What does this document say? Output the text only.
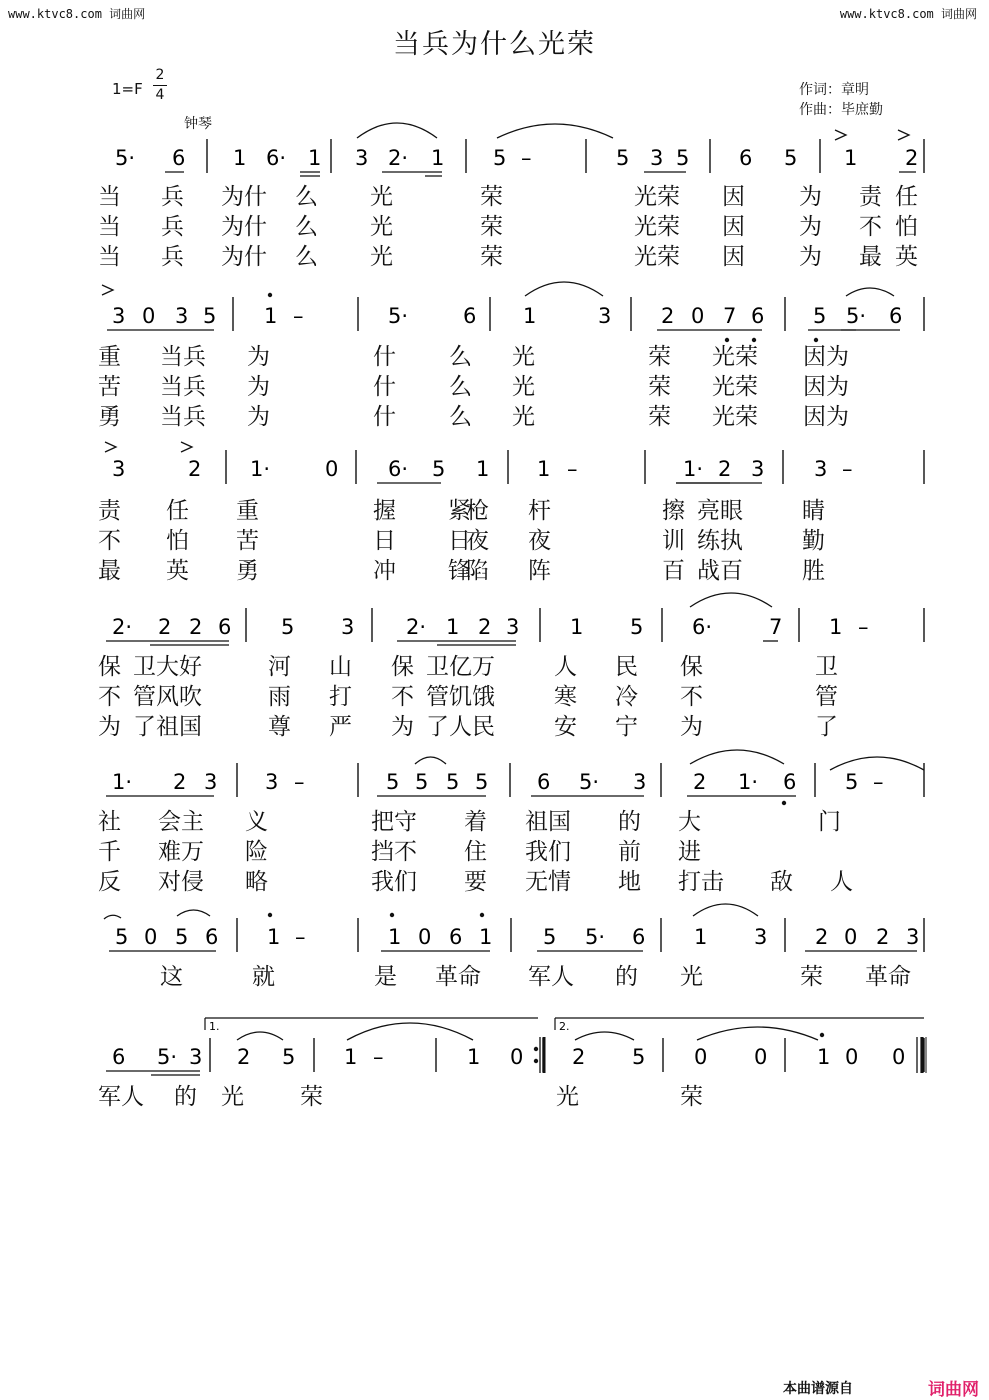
www.ktvc8.com 词曲网	www.ktvc8.com 词曲网
当兵为什么光荣
1=F
2
4
钟琴
作词：章明
作曲：毕庶勤
5· 6 1 6· 1 3 2· 1 5 –	5 3 5 6 5 1 2
3 0 3 5 1 –	5·	6 1	3 2 0 7 6 5 5· 6
3	2 1·	0 6· 5 1 1 –	1· 2 3 3 –
2· 2 2 6 5 3 2· 1 2 3 1 5 6·	7 1 –
1· 2 3 3 –	5 5 5 5 6 5· 3 2 1· 6 5 –
5 0 5 6 1 –	1 0 6 1 5 5· 6 1 3 2 0 2 3
6 5· 3 2 5 1 –	1 0 2 5 0 0 1 0 0
1.	2.
当 兵 为什 么 光	荣	光荣 因 为 责 任
当 兵 为什 么 光	荣	光荣 因 为 不 怕
当 兵 为什 么 光	荣	光荣 因 为 最 英
重 当兵 为	什 么 光	荣 光荣 因为
苦 当兵 为	什 么 光	荣 光荣 因为
勇 当兵 为	什 么 光	荣 光荣 因为
责 任 重	握 紧
枪 杆	擦 亮眼	睛
不 怕 苦	日 日
夜 夜	训 练执	勤
最 英 勇	冲 锋
陷 阵	百 战百	胜
保 卫大好	河 山 保 卫亿万	人 民 保	卫
不 管风吹	雨 打 不 管饥饿	寒 冷 不	管
为 了祖国	尊 严 为 了人民	安 宁 为	了
社 会主 义	把守 着 祖国 的 大	门
千 难万 险	挡不 住 我们 前 进
反 对侵 略	我们 要 无情 地 打击 敌 人
这	就	是 革命 军人 的 光	荣 革命
军人 的 光 荣	光	荣
本曲谱源自	词曲网
